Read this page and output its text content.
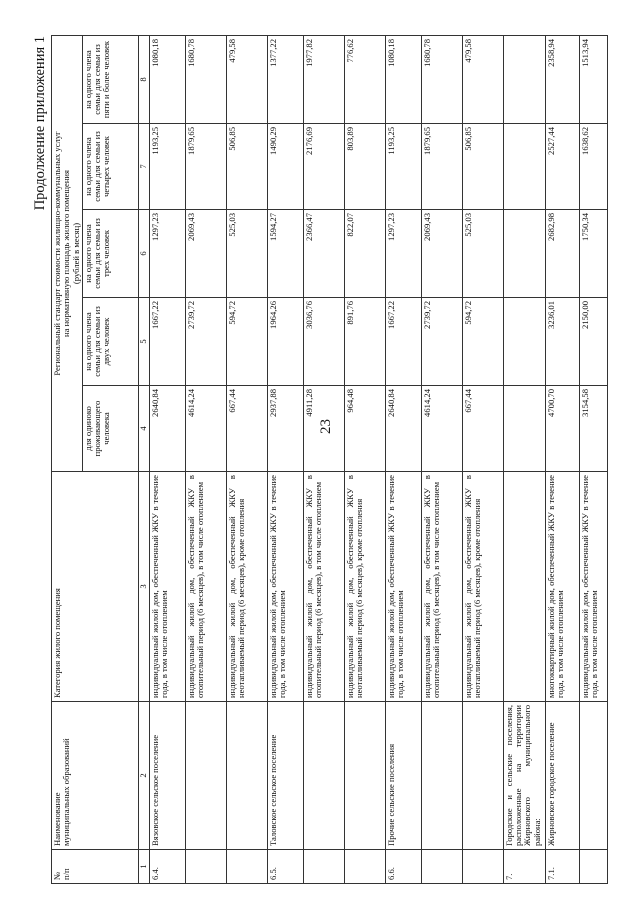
23
Продолжение приложения 1
№
п/п	Наименование
муниципальных образований	Категория жилого помещения	Региональный стандарт стоимости жилищно-коммунальных услуг
на нормативную площадь жилого помещения
(рублей в месяц)				
			для одиноко проживающего человека	на одного члена семьи для семьи из двух человек	на одного члена семьи для семьи из трех человек	на одного члена семьи для семьи из четырех человек	на одного члена семьи для семьи из пяти и более человек
1	2	3	4	5	6	7	8
6.4.	Вязовское сельское поселение	индивидуальный жилой дом, обеспеченный ЖКУ в течение года, в том числе отоплением	2640,84	1667,22	1297,23	1193,25	1080,18
		индивидуальный жилой дом, обеспеченный ЖКУ в отопительный период (6 месяцев), в том числе отоплением	4614,24	2739,72	2069,43	1879,65	1680,78
		индивидуальный жилой дом, обеспеченный ЖКУ в неотапливаемый период (6 месяцев), кроме отопления	667,44	594,72	525,03	506,85	479,58
6.5.	Таловское сельское поселение	индивидуальный жилой дом, обеспеченный ЖКУ в течение года, в том числе отоплением	2937,88	1964,26	1594,27	1490,29	1377,22
		индивидуальный жилой дом, обеспеченный ЖКУ в отопительный период (6 месяцев), в том числе отоплением	4911,28	3036,76	2366,47	2176,69	1977,82
		индивидуальный жилой дом, обеспеченный ЖКУ в неотапливаемый период (6 месяцев), кроме отопления	964,48	891,76	822,07	803,89	776,62
6.6.	Прочие сельские поселения	индивидуальный жилой дом, обеспеченный ЖКУ в течение года, в том числе отоплением	2640,84	1667,22	1297,23	1193,25	1080,18
		индивидуальный жилой дом, обеспеченный ЖКУ в отопительный период (6 месяцев), в том числе отоплением	4614,24	2739,72	2069,43	1879,65	1680,78
		индивидуальный жилой дом, обеспеченный ЖКУ в неотапливаемый период (6 месяцев), кроме отопления	667,44	594,72	525,03	506,85	479,58
7.	Городские и сельские поселения, расположенные на территории Жирновского муниципального района:						
7.1.	Жирновское городское поселение	многоквартирный жилой дом, обеспеченный ЖКУ в течение года, в том числе отоплением	4700,70	3236,01	2682,98	2527,44	2358,94
		индивидуальный жилой дом, обеспеченный ЖКУ в течение года, в том числе отоплением	3154,58	2150,00	1750,34	1638,62	1513,94
